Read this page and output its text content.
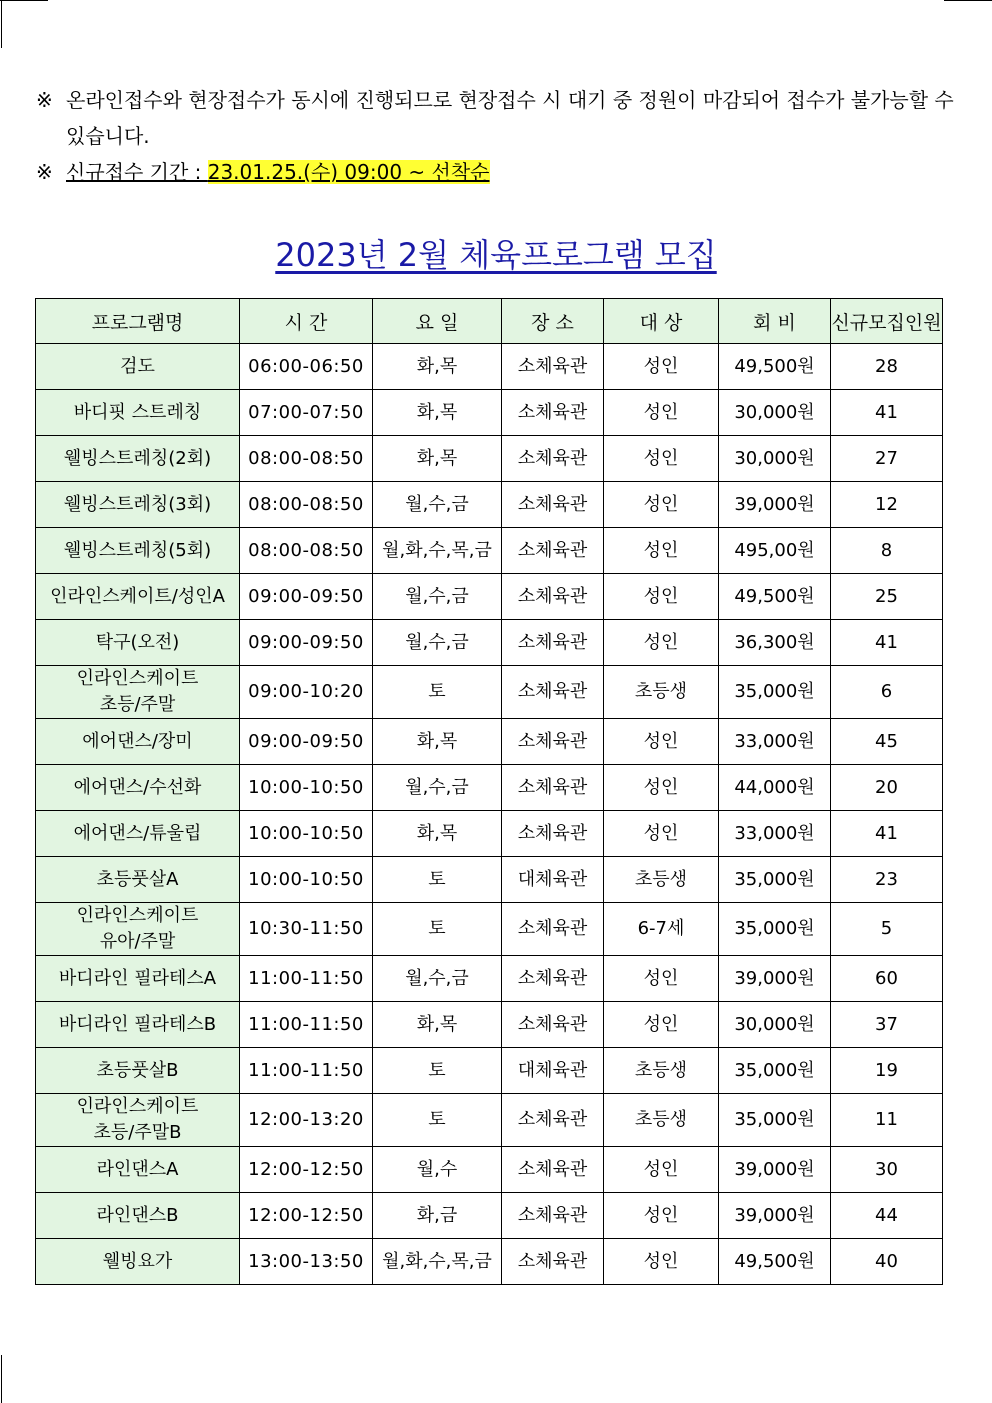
※ 온라인접수와 현장접수가 동시에 진행되므로 현장접수 시 대기 중 정원이 마감되어 접수가 불가능할 수 있습니다.
※ 신규접수 기간 : 23.01.25.(수) 09:00 ~ 선착순
2023년 2월 체육프로그램 모집
프로그램명	시 간	요 일	장 소	대 상	회 비	신규모집인원
검도	06:00-06:50	화,목	소체육관	성인	49,500원	28
바디핏 스트레칭	07:00-07:50	화,목	소체육관	성인	30,000원	41
웰빙스트레칭(2회)	08:00-08:50	화,목	소체육관	성인	30,000원	27
웰빙스트레칭(3회)	08:00-08:50	월,수,금	소체육관	성인	39,000원	12
웰빙스트레칭(5회)	08:00-08:50	월,화,수,목,금	소체육관	성인	495,00원	8
인라인스케이트/성인A	09:00-09:50	월,수,금	소체육관	성인	49,500원	25
탁구(오전)	09:00-09:50	월,수,금	소체육관	성인	36,300원	41
인라인스케이트
초등/주말	09:00-10:20	토	소체육관	초등생	35,000원	6
에어댄스/장미	09:00-09:50	화,목	소체육관	성인	33,000원	45
에어댄스/수선화	10:00-10:50	월,수,금	소체육관	성인	44,000원	20
에어댄스/튜울립	10:00-10:50	화,목	소체육관	성인	33,000원	41
초등풋살A	10:00-10:50	토	대체육관	초등생	35,000원	23
인라인스케이트
유아/주말	10:30-11:50	토	소체육관	6-7세	35,000원	5
바디라인 필라테스A	11:00-11:50	월,수,금	소체육관	성인	39,000원	60
바디라인 필라테스B	11:00-11:50	화,목	소체육관	성인	30,000원	37
초등풋살B	11:00-11:50	토	대체육관	초등생	35,000원	19
인라인스케이트
초등/주말B	12:00-13:20	토	소체육관	초등생	35,000원	11
라인댄스A	12:00-12:50	월,수	소체육관	성인	39,000원	30
라인댄스B	12:00-12:50	화,금	소체육관	성인	39,000원	44
웰빙요가	13:00-13:50	월,화,수,목,금	소체육관	성인	49,500원	40
